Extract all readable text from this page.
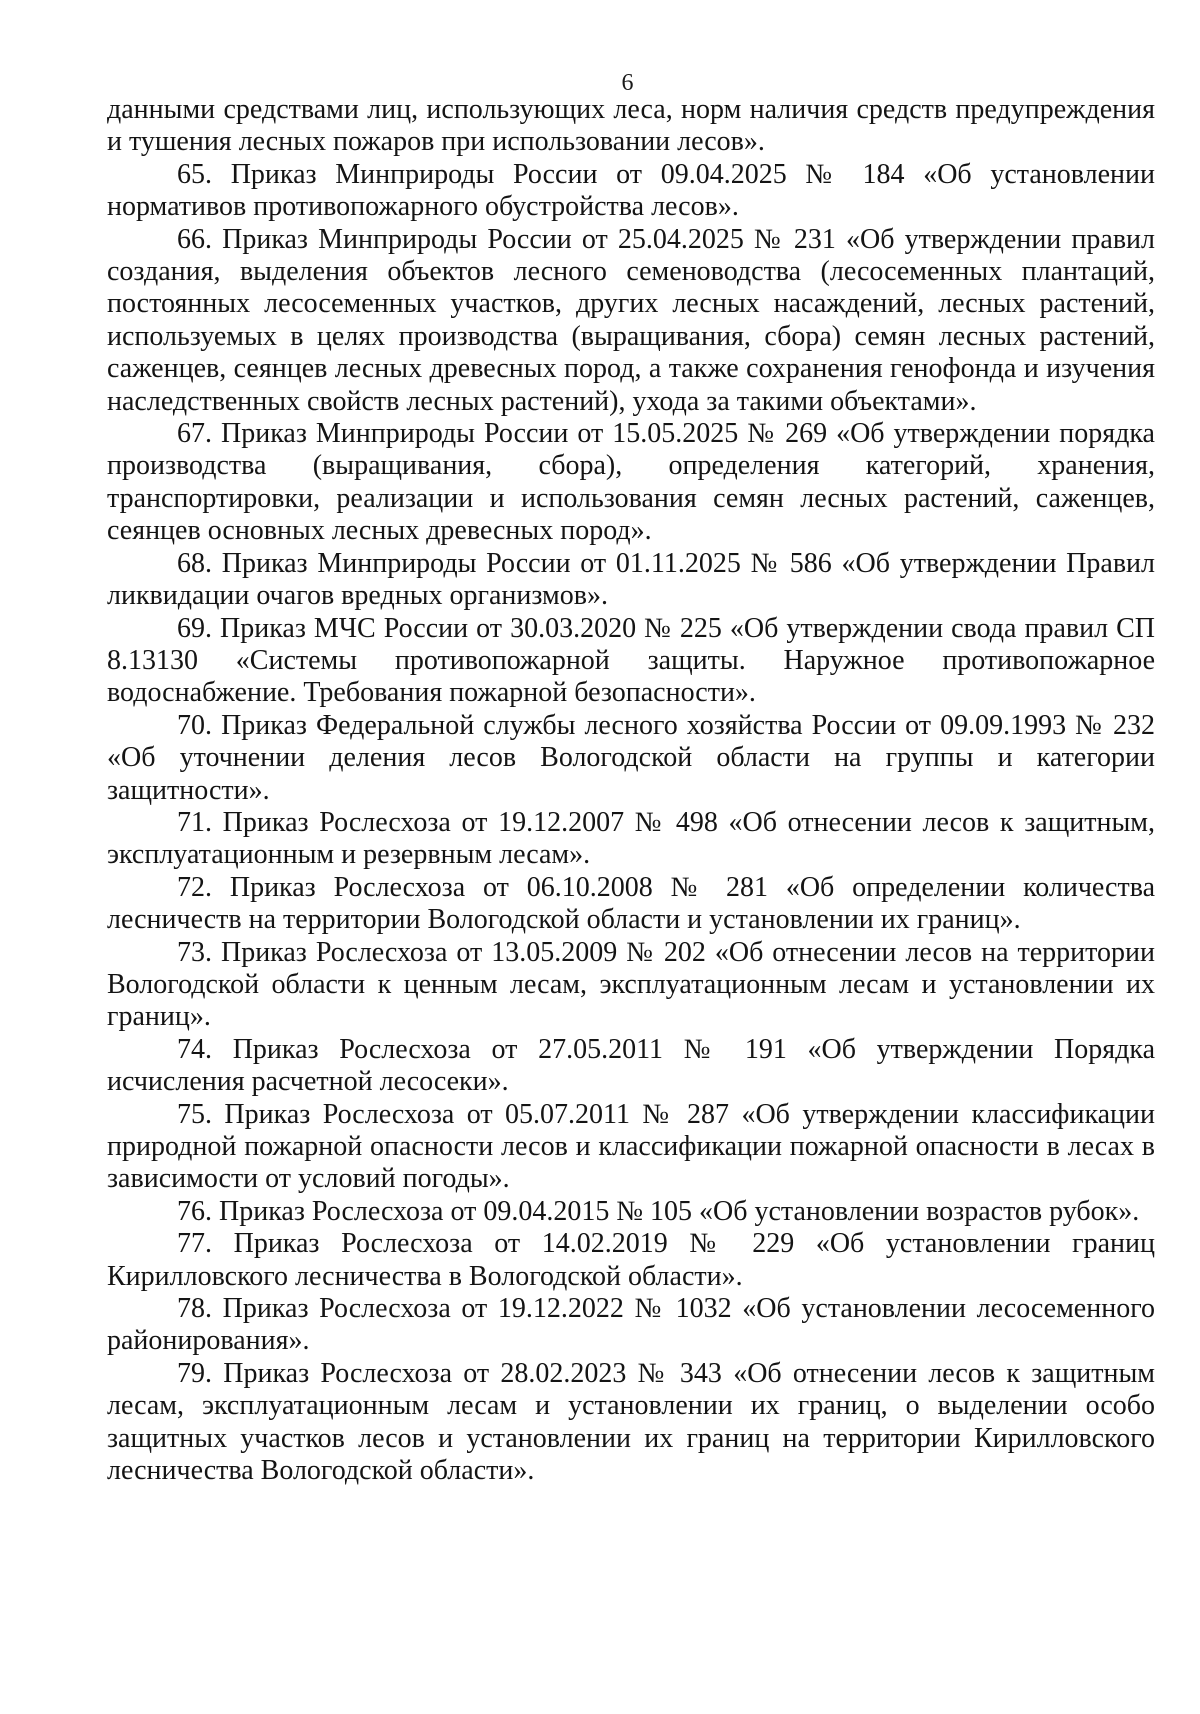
6

данными средствами лиц, использующих леса, норм наличия средств предупреждения и тушения лесных пожаров при использовании лесов».

65. Приказ Минприроды России от 09.04.2025 № 184 «Об установлении нормативов противопожарного обустройства лесов».

66. Приказ Минприроды России от 25.04.2025 № 231 «Об утверждении правил создания, выделения объектов лесного семеноводства (лесосеменных плантаций, постоянных лесосеменных участков, других лесных насаждений, лесных растений, используемых в целях производства (выращивания, сбора) семян лесных растений, саженцев, сеянцев лесных древесных пород, а также сохранения генофонда и изучения наследственных свойств лесных растений), ухода за такими объектами».

67. Приказ Минприроды России от 15.05.2025 № 269 «Об утверждении порядка производства (выращивания, сбора), определения категорий, хранения, транспортировки, реализации и использования семян лесных растений, саженцев, сеянцев основных лесных древесных пород».

68. Приказ Минприроды России от 01.11.2025 № 586 «Об утверждении Правил ликвидации очагов вредных организмов».

69. Приказ МЧС России от 30.03.2020 № 225 «Об утверждении свода правил СП 8.13130 «Системы противопожарной защиты. Наружное противопожарное водоснабжение. Требования пожарной безопасности».

70. Приказ Федеральной службы лесного хозяйства России от 09.09.1993 № 232 «Об уточнении деления лесов Вологодской области на группы и категории защитности».

71. Приказ Рослесхоза от 19.12.2007 № 498 «Об отнесении лесов к защитным, эксплуатационным и резервным лесам».

72. Приказ Рослесхоза от 06.10.2008 № 281 «Об определении количества лесничеств на территории Вологодской области и установлении их границ».

73. Приказ Рослесхоза от 13.05.2009 № 202 «Об отнесении лесов на территории Вологодской области к ценным лесам, эксплуатационным лесам и установлении их границ».

74. Приказ Рослесхоза от 27.05.2011 № 191 «Об утверждении Порядка исчисления расчетной лесосеки».

75. Приказ Рослесхоза от 05.07.2011 № 287 «Об утверждении классификации природной пожарной опасности лесов и классификации пожарной опасности в лесах в зависимости от условий погоды».

76. Приказ Рослесхоза от 09.04.2015 № 105 «Об установлении возрастов рубок».

77. Приказ Рослесхоза от 14.02.2019 № 229 «Об установлении границ Кирилловского лесничества в Вологодской области».

78. Приказ Рослесхоза от 19.12.2022 № 1032 «Об установлении лесосеменного районирования».

79. Приказ Рослесхоза от 28.02.2023 № 343 «Об отнесении лесов к защитным лесам, эксплуатационным лесам и установлении их границ, о выделении особо защитных участков лесов и установлении их границ на территории Кирилловского лесничества Вологодской области».
